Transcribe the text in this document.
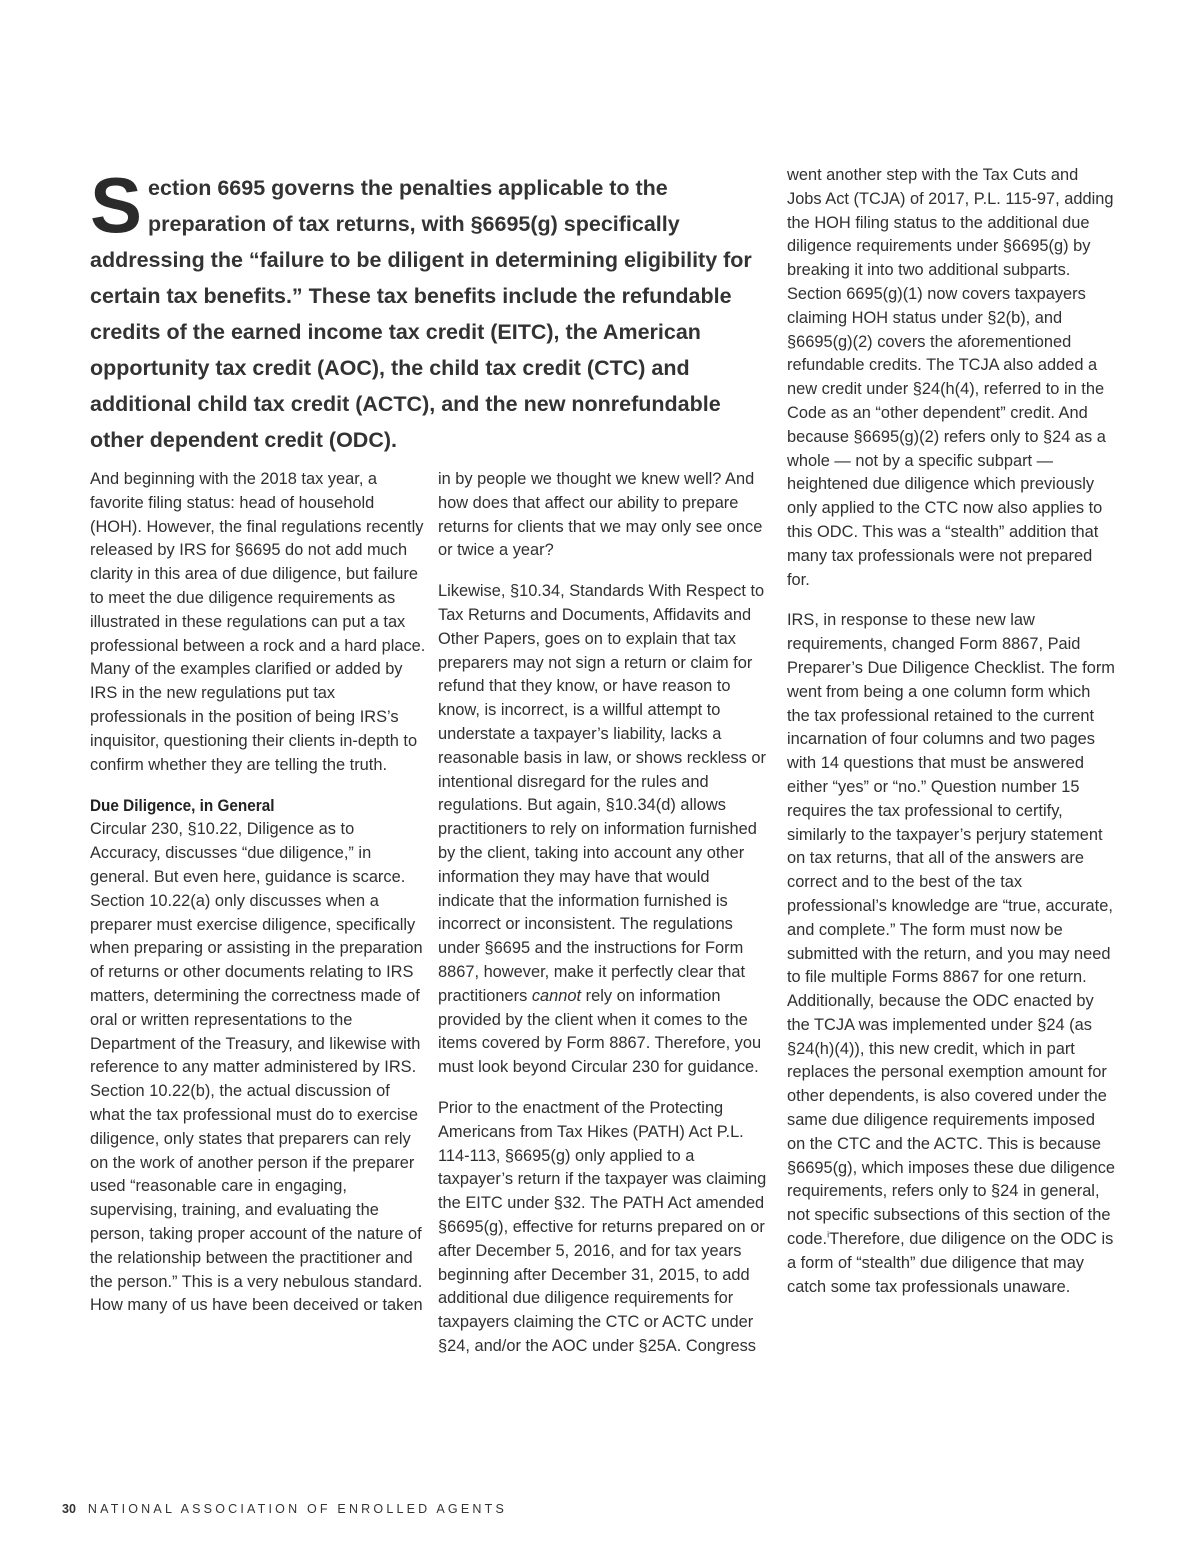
S ection 6695 governs the penalties applicable to the preparation of tax returns, with §6695(g) specifically addressing the “failure to be diligent in determining eligibility for certain tax benefits.” These tax benefits include the refundable credits of the earned income tax credit (EITC), the American opportunity tax credit (AOC), the child tax credit (CTC) and additional child tax credit (ACTC), and the new nonrefundable other dependent credit (ODC).

And beginning with the 2018 tax year, a favorite filing status: head of household (HOH). However, the final regulations recently released by IRS for §6695 do not add much clarity in this area of due diligence, but failure to meet the due diligence requirements as illustrated in these regulations can put a tax professional between a rock and a hard place. Many of the examples clarified or added by IRS in the new regulations put tax professionals in the position of being IRS’s inquisitor, questioning their clients in-depth to confirm whether they are telling the truth.

Due Diligence, in General

Circular 230, §10.22, Diligence as to Accuracy, discusses “due diligence,” in general. But even here, guidance is scarce. Section 10.22(a) only discusses when a preparer must exercise diligence, specifically when preparing or assisting in the preparation of returns or other documents relating to IRS matters, determining the correctness made of oral or written representations to the Department of the Treasury, and likewise with reference to any matter administered by IRS. Section 10.22(b), the actual discussion of what the tax professional must do to exercise diligence, only states that preparers can rely on the work of another person if the preparer used “reasonable care in engaging, supervising, training, and evaluating the person, taking proper account of the nature of the relationship between the practitioner and the person.” This is a very nebulous standard. How many of us have been deceived or taken

in by people we thought we knew well? And how does that affect our ability to prepare returns for clients that we may only see once or twice a year?

Likewise, §10.34, Standards With Respect to Tax Returns and Documents, Affidavits and Other Papers, goes on to explain that tax preparers may not sign a return or claim for refund that they know, or have reason to know, is incorrect, is a willful attempt to understate a taxpayer’s liability, lacks a reasonable basis in law, or shows reckless or intentional disregard for the rules and regulations. But again, §10.34(d) allows practitioners to rely on information furnished by the client, taking into account any other information they may have that would indicate that the information furnished is incorrect or inconsistent. The regulations under §6695 and the instructions for Form 8867, however, make it perfectly clear that practitioners cannot rely on information provided by the client when it comes to the items covered by Form 8867. Therefore, you must look beyond Circular 230 for guidance.

Prior to the enactment of the Protecting Americans from Tax Hikes (PATH) Act P.L. 114-113, §6695(g) only applied to a taxpayer’s return if the taxpayer was claiming the EITC under §32. The PATH Act amended §6695(g), effective for returns prepared on or after December 5, 2016, and for tax years beginning after December 31, 2015, to add additional due diligence requirements for taxpayers claiming the CTC or ACTC under §24, and/or the AOC under §25A. Congress

went another step with the Tax Cuts and Jobs Act (TCJA) of 2017, P.L. 115-97, adding the HOH filing status to the additional due diligence requirements under §6695(g) by breaking it into two additional subparts. Section 6695(g)(1) now covers taxpayers claiming HOH status under §2(b), and §6695(g)(2) covers the aforementioned refundable credits. The TCJA also added a new credit under §24(h(4), referred to in the Code as an “other dependent” credit. And because §6695(g)(2) refers only to §24 as a whole — not by a specific subpart — heightened due diligence which previously only applied to the CTC now also applies to this ODC. This was a “stealth” addition that many tax professionals were not prepared for.

IRS, in response to these new law requirements, changed Form 8867, Paid Preparer’s Due Diligence Checklist. The form went from being a one column form which the tax professional retained to the current incarnation of four columns and two pages with 14 questions that must be answered either “yes” or “no.” Question number 15 requires the tax professional to certify, similarly to the taxpayer’s perjury statement on tax returns, that all of the answers are correct and to the best of the tax professional’s knowledge are “true, accurate, and complete.” The form must now be submitted with the return, and you may need to file multiple Forms 8867 for one return. Additionally, because the ODC enacted by the TCJA was implemented under §24 (as §24(h)(4)), this new credit, which in part replaces the personal exemption amount for other dependents, is also covered under the same due diligence requirements imposed on the CTC and the ACTC. This is because §6695(g), which imposes these due diligence requirements, refers only to §24 in general, not specific subsections of this section of the code.$^i$Therefore, due diligence on the ODC is a form of “stealth” due diligence that may catch some tax professionals unaware.

30 NATIONAL ASSOCIATION OF ENROLLED AGENTS
